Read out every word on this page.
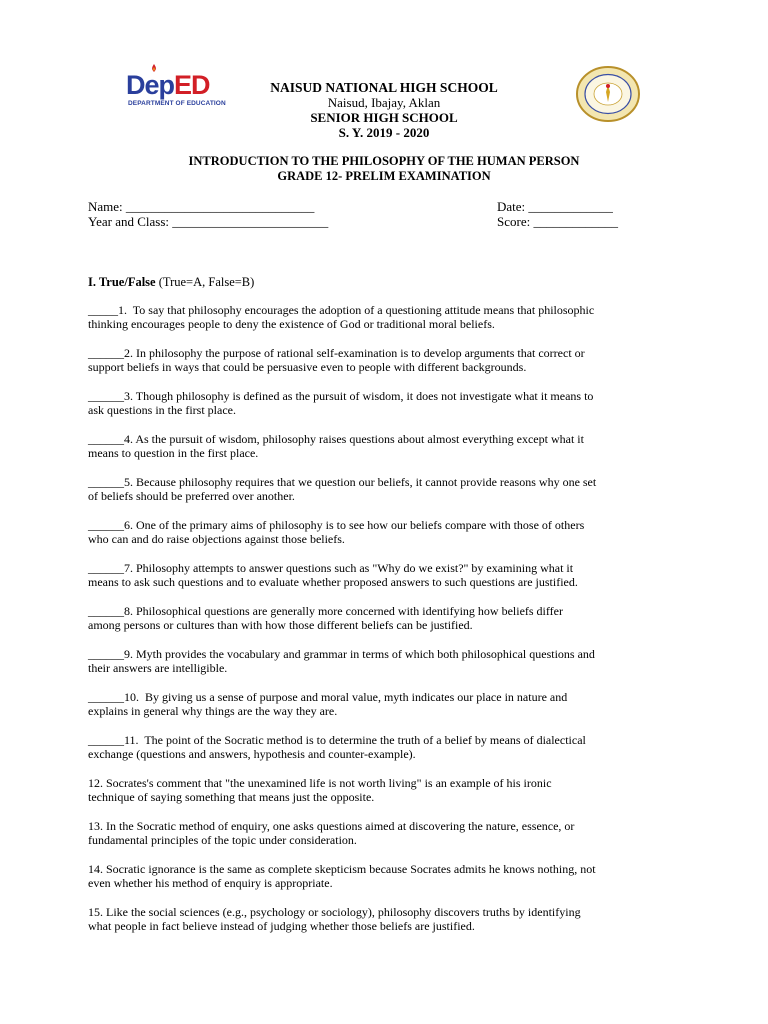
DepED
DEPARTMENT OF EDUCATION
NAISUD NATIONAL HIGH SCHOOL
Naisud, Ibajay, Aklan
SENIOR HIGH SCHOOL
S. Y. 2019 - 2020
INTRODUCTION TO THE PHILOSOPHY OF THE HUMAN PERSON
GRADE 12- PRELIM EXAMINATION
Name: _____________________________
Year and Class: ________________________
Date: _____________
Score: _____________
I. True/False (True=A, False=B)
_____1.  To say that philosophy encourages the adoption of a questioning attitude means that philosophic
thinking encourages people to deny the existence of God or traditional moral beliefs.
______2. In philosophy the purpose of rational self-examination is to develop arguments that correct or
support beliefs in ways that could be persuasive even to people with different backgrounds.
______3. Though philosophy is defined as the pursuit of wisdom, it does not investigate what it means to
ask questions in the first place.
______4. As the pursuit of wisdom, philosophy raises questions about almost everything except what it
means to question in the first place.
______5. Because philosophy requires that we question our beliefs, it cannot provide reasons why one set
of beliefs should be preferred over another.
______6. One of the primary aims of philosophy is to see how our beliefs compare with those of others
who can and do raise objections against those beliefs.
______7. Philosophy attempts to answer questions such as "Why do we exist?" by examining what it
means to ask such questions and to evaluate whether proposed answers to such questions are justified.
______8. Philosophical questions are generally more concerned with identifying how beliefs differ
among persons or cultures than with how those different beliefs can be justified.
______9. Myth provides the vocabulary and grammar in terms of which both philosophical questions and
their answers are intelligible.
______10.  By giving us a sense of purpose and moral value, myth indicates our place in nature and
explains in general why things are the way they are.
______11.  The point of the Socratic method is to determine the truth of a belief by means of dialectical
exchange (questions and answers, hypothesis and counter-example).
12. Socrates's comment that "the unexamined life is not worth living" is an example of his ironic
technique of saying something that means just the opposite.
13. In the Socratic method of enquiry, one asks questions aimed at discovering the nature, essence, or
fundamental principles of the topic under consideration.
14. Socratic ignorance is the same as complete skepticism because Socrates admits he knows nothing, not
even whether his method of enquiry is appropriate.
15. Like the social sciences (e.g., psychology or sociology), philosophy discovers truths by identifying
what people in fact believe instead of judging whether those beliefs are justified.
